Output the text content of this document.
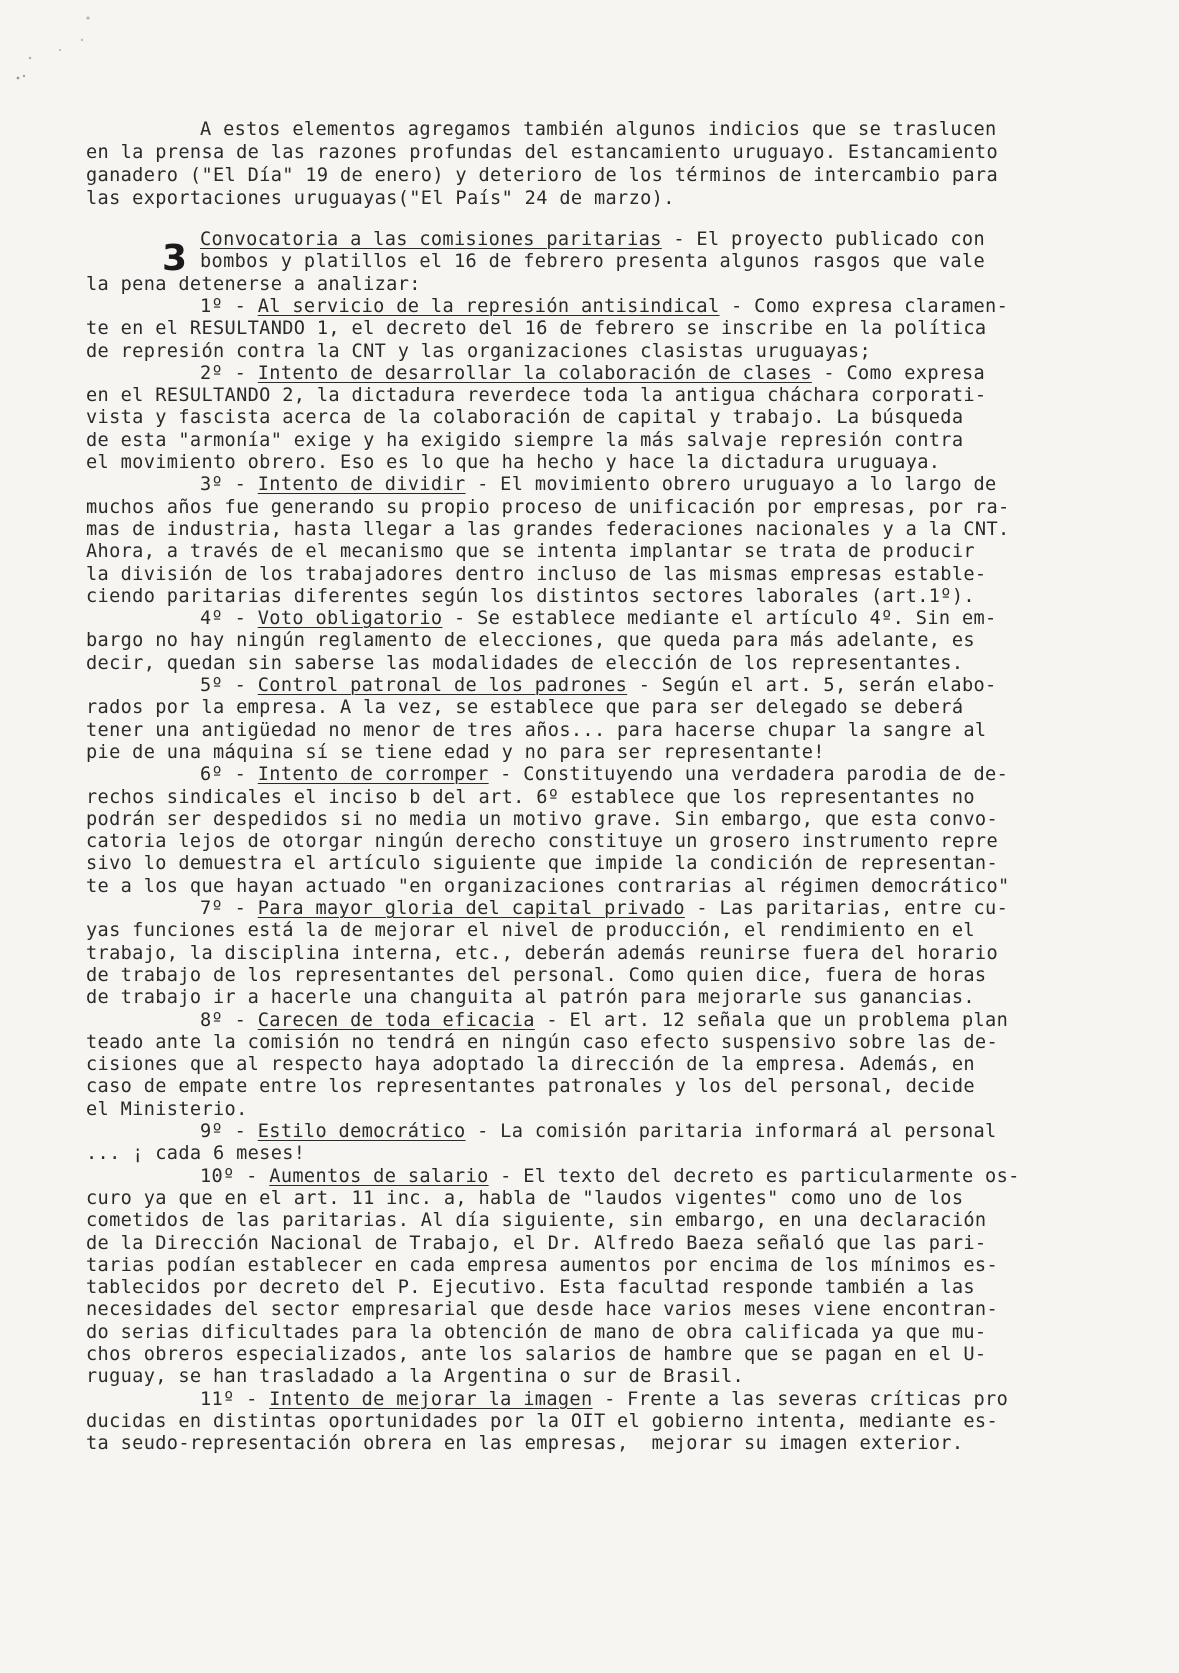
3
A estos elementos agregamos también algunos indicios que se traslucen
en la prensa de las razones profundas del estancamiento uruguayo. Estancamiento
ganadero ("El Día" 19 de enero) y deterioro de los términos de intercambio para
las exportaciones uruguayas("El País" 24 de marzo).
Convocatoria a las comisiones paritarias - El proyecto publicado con
bombos y platillos el 16 de febrero presenta algunos rasgos que vale
la pena detenerse a analizar:
1º - Al servicio de la represión antisindical - Como expresa claramen-
te en el RESULTANDO 1, el decreto del 16 de febrero se inscribe en la política
de represión contra la CNT y las organizaciones clasistas uruguayas;
2º - Intento de desarrollar la colaboración de clases - Como expresa
en el RESULTANDO 2, la dictadura reverdece toda la antigua cháchara corporati-
vista y fascista acerca de la colaboración de capital y trabajo. La búsqueda
de esta "armonía" exige y ha exigido siempre la más salvaje represión contra
el movimiento obrero. Eso es lo que ha hecho y hace la dictadura uruguaya.
3º - Intento de dividir - El movimiento obrero uruguayo a lo largo de
muchos años fue generando su propio proceso de unificación por empresas, por ra-
mas de industria, hasta llegar a las grandes federaciones nacionales y a la CNT.
Ahora, a través de el mecanismo que se intenta implantar se trata de producir
la división de los trabajadores dentro incluso de las mismas empresas estable-
ciendo paritarias diferentes según los distintos sectores laborales (art.1º).
4º - Voto obligatorio - Se establece mediante el artículo 4º. Sin em-
bargo no hay ningún reglamento de elecciones, que queda para más adelante, es
decir, quedan sin saberse las modalidades de elección de los representantes.
5º - Control patronal de los padrones - Según el art. 5, serán elabo-
rados por la empresa. A la vez, se establece que para ser delegado se deberá
tener una antigüedad no menor de tres años... para hacerse chupar la sangre al
pie de una máquina sí se tiene edad y no para ser representante!
6º - Intento de corromper - Constituyendo una verdadera parodia de de-
rechos sindicales el inciso b del art. 6º establece que los representantes no
podrán ser despedidos si no media un motivo grave. Sin embargo, que esta convo-
catoria lejos de otorgar ningún derecho constituye un grosero instrumento repre
sivo lo demuestra el artículo siguiente que impide la condición de representan-
te a los que hayan actuado "en organizaciones contrarias al régimen democrático"
7º - Para mayor gloria del capital privado - Las paritarias, entre cu-
yas funciones está la de mejorar el nivel de producción, el rendimiento en el
trabajo, la disciplina interna, etc., deberán además reunirse fuera del horario
de trabajo de los representantes del personal. Como quien dice, fuera de horas
de trabajo ir a hacerle una changuita al patrón para mejorarle sus ganancias.
8º - Carecen de toda eficacia - El art. 12 señala que un problema plan
teado ante la comisión no tendrá en ningún caso efecto suspensivo sobre las de-
cisiones que al respecto haya adoptado la dirección de la empresa. Además, en
caso de empate entre los representantes patronales y los del personal, decide
el Ministerio.
9º - Estilo democrático - La comisión paritaria informará al personal
... ¡ cada 6 meses!
10º - Aumentos de salario - El texto del decreto es particularmente os-
curo ya que en el art. 11 inc. a, habla de "laudos vigentes" como uno de los
cometidos de las paritarias. Al día siguiente, sin embargo, en una declaración
de la Dirección Nacional de Trabajo, el Dr. Alfredo Baeza señaló que las pari-
tarias podían establecer en cada empresa aumentos por encima de los mínimos es-
tablecidos por decreto del P. Ejecutivo. Esta facultad responde también a las
necesidades del sector empresarial que desde hace varios meses viene encontran-
do serias dificultades para la obtención de mano de obra calificada ya que mu-
chos obreros especializados, ante los salarios de hambre que se pagan en el U-
ruguay, se han trasladado a la Argentina o sur de Brasil.
11º - Intento de mejorar la imagen - Frente a las severas críticas pro
ducidas en distintas oportunidades por la OIT el gobierno intenta, mediante es-
ta seudo-representación obrera en las empresas,  mejorar su imagen exterior.
